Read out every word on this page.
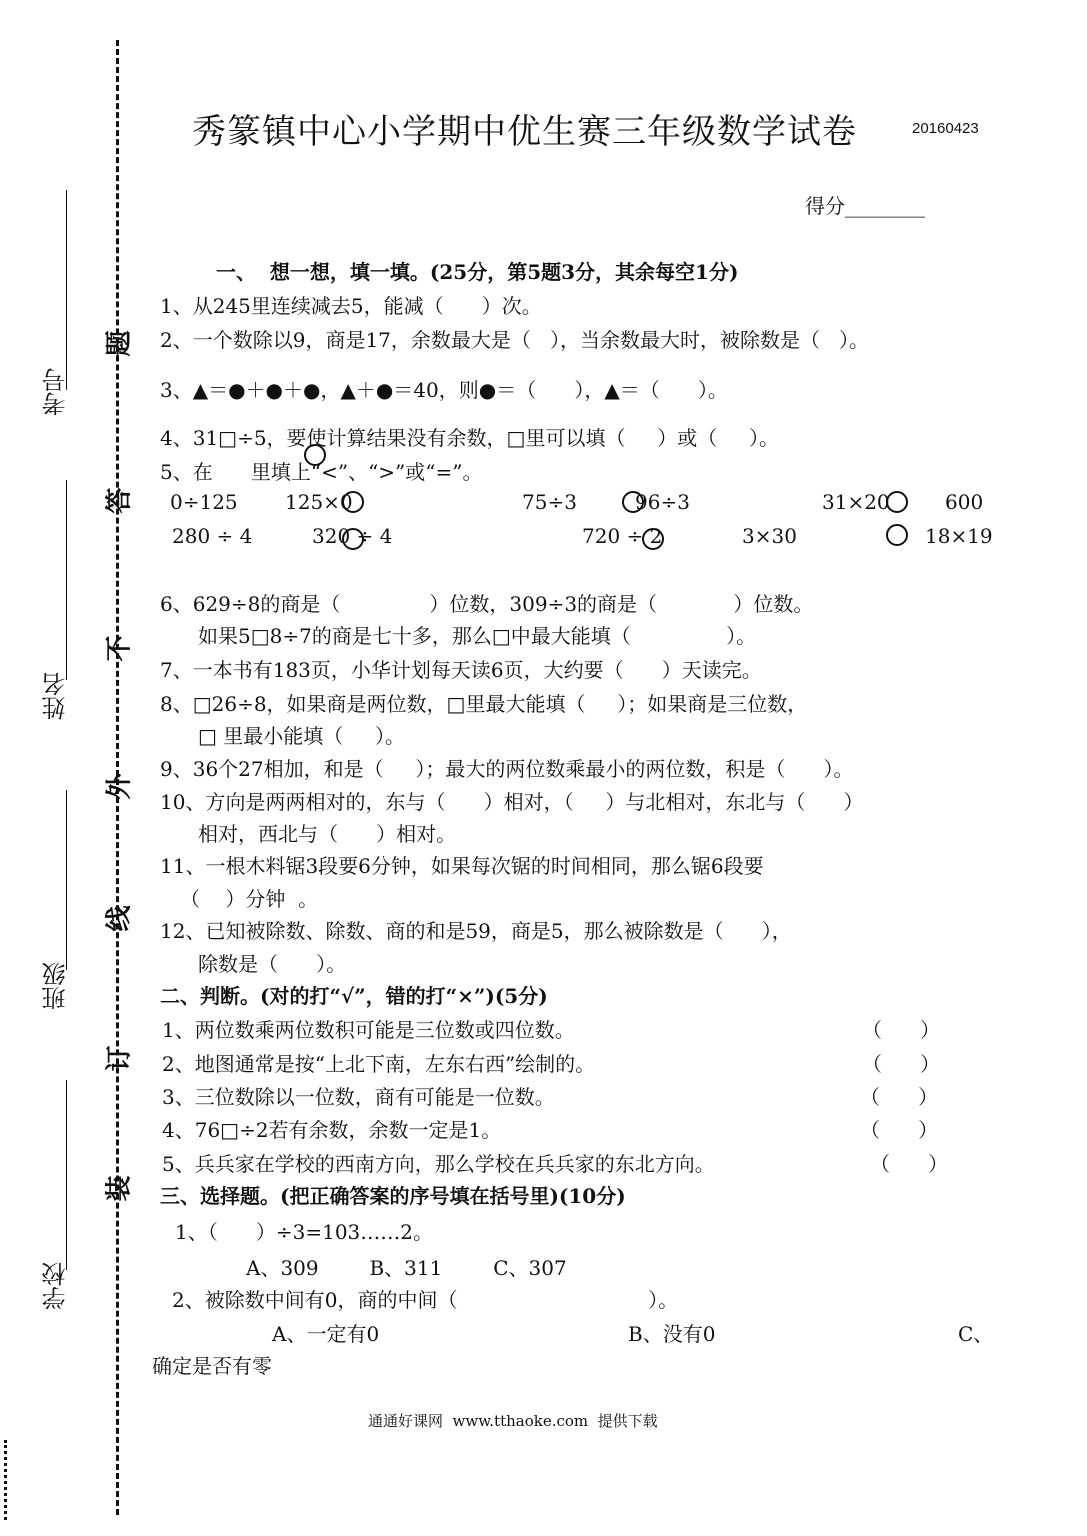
考号
姓名
班级
学校
题
答
不
外
线
订
装
秀篆镇中心小学期中优生赛三年级数学试卷	20160423
得分________
一、  想一想，填一填。(25分，第5题3分，其余每空1分)
1、从245里连续减去5，能减（      ）次。
2、一个数除以9，商是17，余数最大是（   ），当余数最大时，被除数是（   ）。
3、▲＝●＋●＋●，▲＋●＝40，则●＝（      ），▲＝（      ）。
4、31□÷5，要使计算结果没有余数，□里可以填（     ）或（     ）。
5、在      里填上“<”、“>”或“=”。
0÷125 125×0	75÷3	96÷3	31×20	600
280 ÷ 4	320 ÷ 4	720 ÷ 2	3×30	18×19
6、629÷8的商是（              ）位数，309÷3的商是（            ）位数。
如果5□8÷7的商是七十多，那么□中最大能填（               ）。
7、一本书有183页，小华计划每天读6页，大约要（      ）天读完。
8、□26÷8，如果商是两位数，□里最大能填（     ）；如果商是三位数，
□ 里最小能填（     ）。
9、36个27相加，和是（     ）；最大的两位数乘最小的两位数，积是（      ）。
10、方向是两两相对的，东与（      ）相对，（     ）与北相对，东北与（      ）
相对，西北与（      ）相对。
11、一根木料锯3段要6分钟，如果每次锯的时间相同，那么锯6段要
（    ）分钟  。
12、已知被除数、除数、商的和是59，商是5，那么被除数是（      ），
除数是（      ）。
二、判断。(对的打“√”，错的打“×”)(5分)
1、两位数乘两位数积可能是三位数或四位数。	（      ）
2、地图通常是按“上北下南，左东右西”绘制的。	（      ）
3、三位数除以一位数，商有可能是一位数。	（      ）
4、76□÷2若有余数，余数一定是1。	（      ）
5、兵兵家在学校的西南方向，那么学校在兵兵家的东北方向。	（      ）
三、选择题。(把正确答案的序号填在括号里)(10分)
1、（      ）÷3=103……2。
A、309        B、311        C、307
2、被除数中间有0，商的中间（                              ）。
A、一定有0	B、没有0	C、
确定是否有零
通通好课网  www.tthaoke.com  提供下载
